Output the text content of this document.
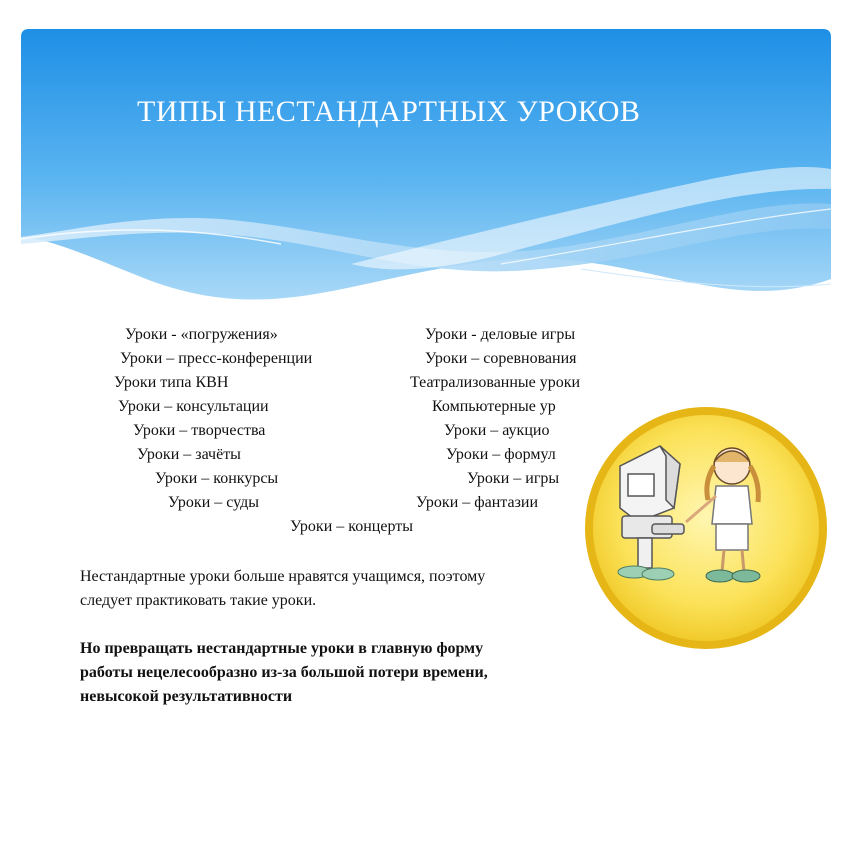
ТИПЫ НЕСТАНДАРТНЫХ УРОКОВ
Уроки - «погружения»
Уроки – пресс-конференции
Уроки типа КВН
Уроки – консультации
Уроки – творчества
Уроки – зачёты
Уроки – конкурсы
Уроки – суды
Уроки - деловые игры
Уроки – соревнования
Театрализованные уроки
Компьютерные ур
Уроки – аукцио
Уроки – формул
Уроки – игры
Уроки – фантазии
Уроки – концерты
Нестандартные уроки больше нравятся учащимся, поэтому
следует практиковать такие уроки.
Но превращать нестандартные уроки в главную форму
работы нецелесообразно из-за большой потери времени,
невысокой результативности
